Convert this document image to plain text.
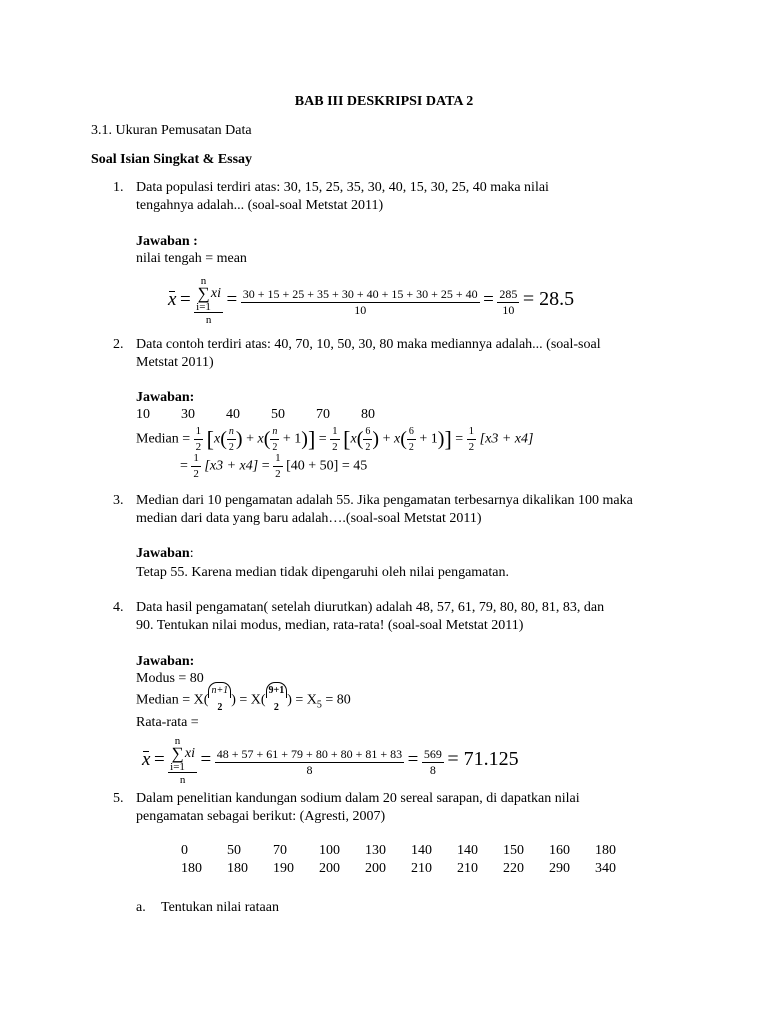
BAB III DESKRIPSI DATA 2
3.1. Ukuran Pemusatan Data
Soal Isian Singkat & Essay
1. Data populasi terdiri atas: 30, 15, 25, 35, 30, 40, 15, 30, 25, 40 maka nilai
tengahnya adalah... (soal-soal Metstat 2011)
Jawaban :
nilai tengah = mean
x = n
∑
i=1xi
$n = \frac{30 + 15 + 25 + 35 + 30 + 40 + 15 + 30 + 25 + 40}{10} = \frac{285}{10} = 28.5$
2. Data contoh terdiri atas: 40, 70, 10, 50, 30, 80 maka mediannya adalah... (soal-soal
Metstat 2011)
Jawaban:
10 30 40 50 70 80
Median = $\frac{1}{2} [x( \frac{n}{2}$ ) + $x( \frac{n}{2} + 1)] = \frac{1}{2} [x( \frac{6}{2}$ ) + $x( \frac{6}{2} + 1)] = \frac{1}{2} [x3 + x4]$
= $\frac{1}{2} [x3 + x4] = \frac{1}{2} [40 + 50] = 45$
3. Median dari 10 pengamatan adalah 55. Jika pengamatan terbesarnya dikalikan 100 maka
median dari data yang baru adalah….(soal-soal Metstat 2011)
Jawaban:
Tetap 55. Karena median tidak dipengaruhi oleh nilai pengamatan.
4. Data hasil pengamatan( setelah diurutkan) adalah 48, 57, 61, 79, 80, 80, 81, 83, dan
90. Tentukan nilai modus, median, rata-rata! (soal-soal Metstat 2011)
Jawaban:
Modus = 80
Median = X(
n+1
2 ) = X(
9+1
2 ) = $X_5 = 80$
Rata-rata =
x = n
∑
i=1xi
$n = \frac{48 + 57 + 61 + 79 + 80 + 80 + 81 + 83}{8} = \frac{569}{8} = 71.125$
5. Dalam penelitian kandungan sodium dalam 20 sereal sarapan, di dapatkan nilai
pengamatan sebagai berikut: (Agresti, 2007)
0	50	70	100	130	140	140	150	160	180
180	180	190	200	200	210	210	220	290	340
a. Tentukan nilai rataan
